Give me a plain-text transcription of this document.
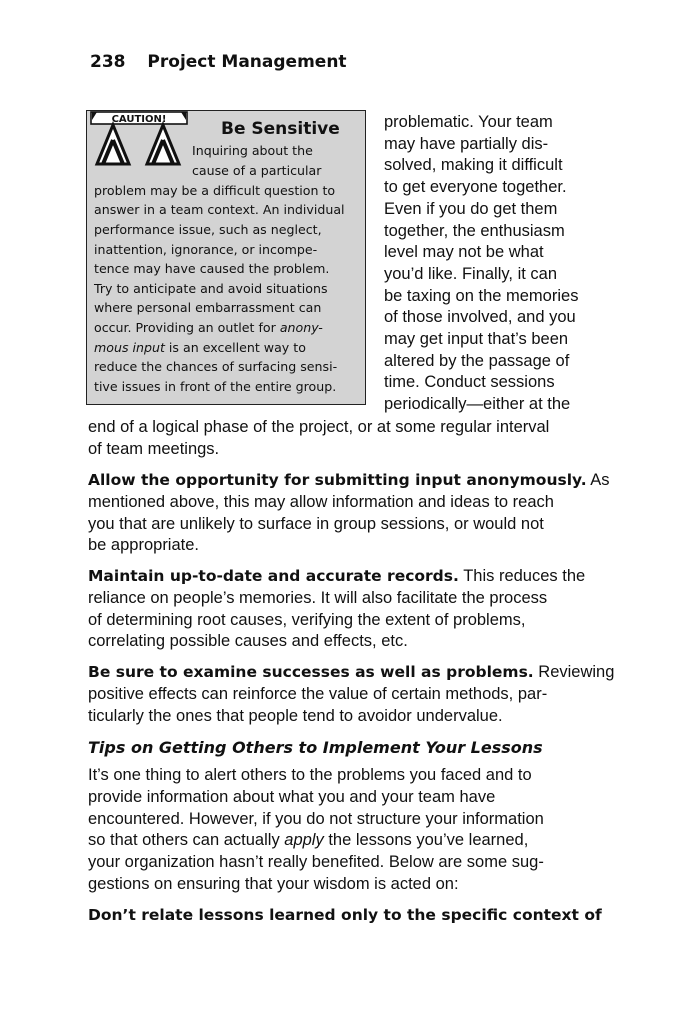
238 Project Management
CAUTION!	Be Sensitive
Inquiring about the
cause of a particular
problem may be a difficult question to
answer in a team context. An individual
performance issue, such as neglect,
inattention, ignorance, or incompe-
tence may have caused the problem.
Try to anticipate and avoid situations
where personal embarrassment can
occur. Providing an outlet for anony-
mous input is an excellent way to
reduce the chances of surfacing sensi-
tive issues in front of the entire group.
problematic. Your team
may have partially dis-
solved, making it difficult
to get everyone together.
Even if you do get them
together, the enthusiasm
level may not be what
you’d like. Finally, it can
be taxing on the memories
of those involved, and you
may get input that’s been
altered by the passage of
time. Conduct sessions
periodically—either at the
end of a logical phase of the project, or at some regular interval
of team meetings.
Allow the opportunity for submitting input anonymously. As
mentioned above, this may allow information and ideas to reach
you that are unlikely to surface in group sessions, or would not
be appropriate.
Maintain up-to-date and accurate records. This reduces the
reliance on people’s memories. It will also facilitate the process
of determining root causes, verifying the extent of problems,
correlating possible causes and effects, etc.
Be sure to examine successes as well as problems. Reviewing
positive effects can reinforce the value of certain methods, par-
ticularly the ones that people tend to avoidor undervalue.
Tips on Getting Others to Implement Your Lessons
It’s one thing to alert others to the problems you faced and to
provide information about what you and your team have
encountered. However, if you do not structure your information
so that others can actually apply the lessons you’ve learned,
your organization hasn’t really benefited. Below are some sug-
gestions on ensuring that your wisdom is acted on:
Don’t relate lessons learned only to the specific context of
